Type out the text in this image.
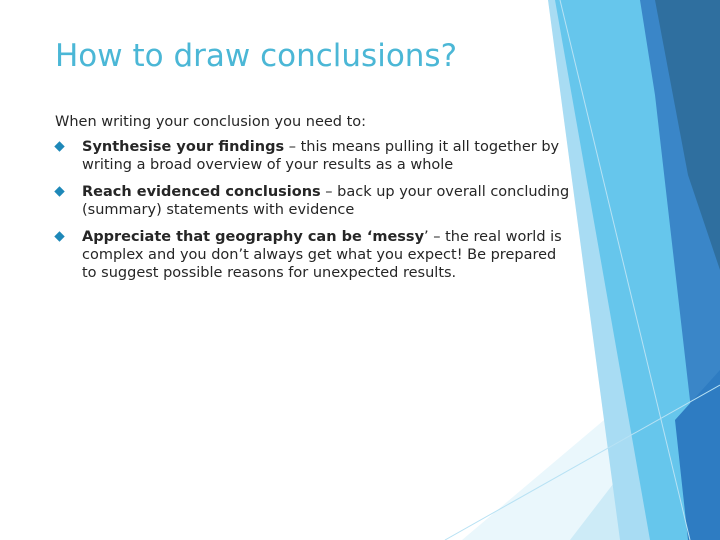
How to draw conclusions?

When writing your conclusion you need to:

Synthesise your findings – this means pulling it all together by writing a broad overview of your results as a whole
Reach evidenced conclusions – back up your overall concluding (summary) statements with evidence
Appreciate that geography can be ‘messy’ – the real world is complex and you don’t always get what you expect! Be prepared to suggest possible reasons for unexpected results.
